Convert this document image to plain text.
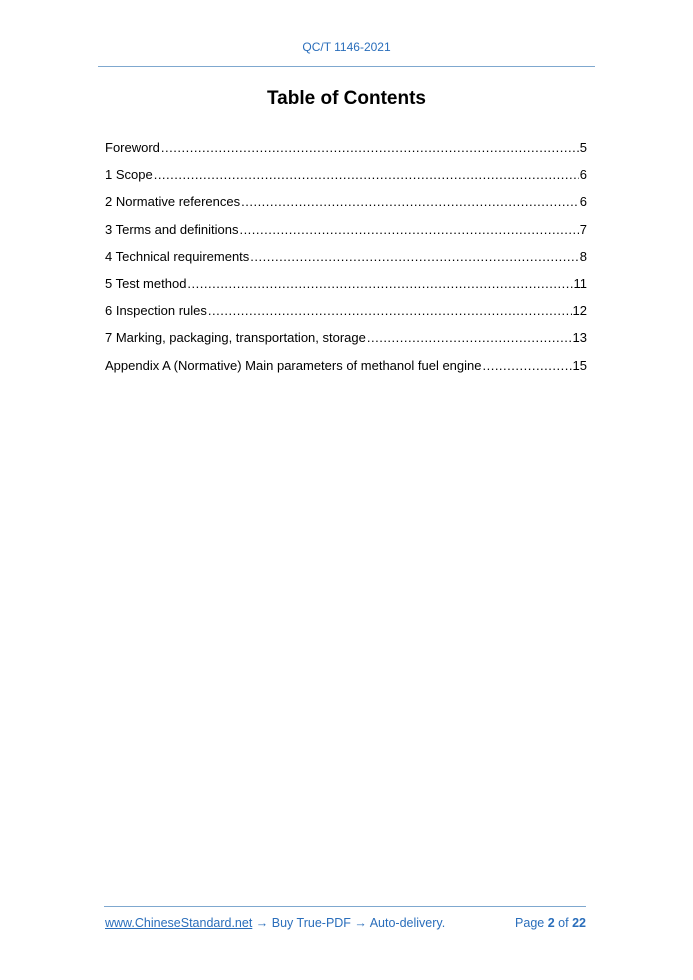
QC/T 1146-2021
Table of Contents
Foreword .....	5
1 Scope .....	6
2 Normative references .....	6
3 Terms and definitions .....	7
4 Technical requirements .....	8
5 Test method .....	11
6 Inspection rules .....	12
7 Marking, packaging, transportation, storage .....	13
Appendix A (Normative) Main parameters of methanol fuel engine .....	15
www.ChineseStandard.net → Buy True-PDF → Auto-delivery.	Page 2 of 22
